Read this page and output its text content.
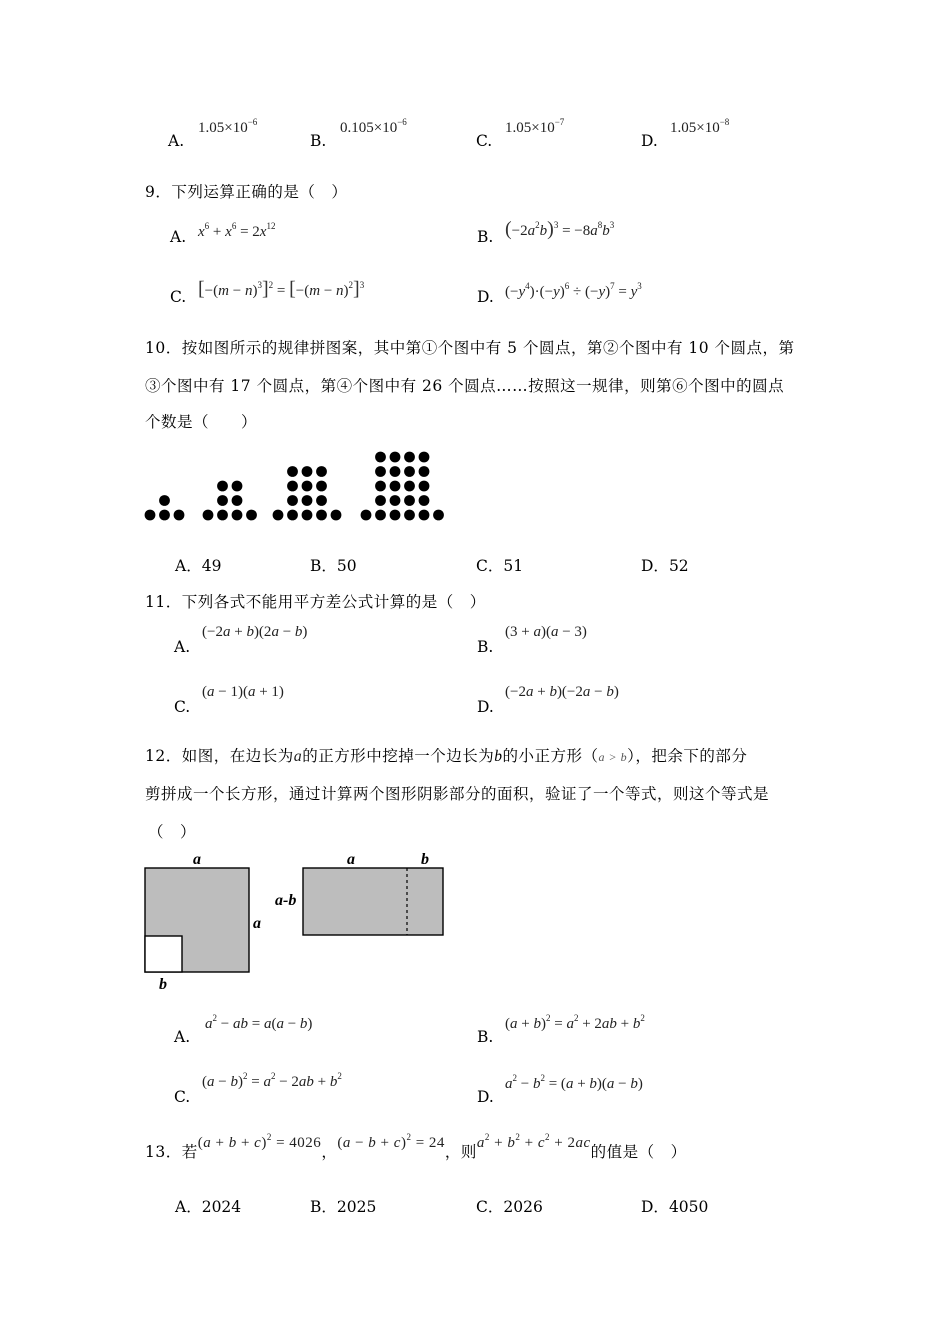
A.
$1.05\times 10^{-6}$
B.
$0.105\times 10^{-6}$
C.
$1.05\times 10^{-7}$
D.
$1.05\times 10^{-8}$
9．下列运算正确的是（　）
A. $x^6 + x^6 = 2x^{12}$
B. $(-2a^2b)^3 = -8a^8b^3$
C. $[-(m - n)^3]^2 = [-(m - n)^2]^3$
D. $(-y^4)\cdot(-y)^6 \div (-y)^7 = y^3$
10．按如图所示的规律拼图案，其中第①个图中有 5 个圆点，第②个图中有 10 个圆点，第
③个图中有 17 个圆点，第④个图中有 26 个圆点……按照这一规律，则第⑥个图中的圆点
个数是（　　）
A．49	B．50	C．51	D．52
11．下列各式不能用平方差公式计算的是（　）
A.
(−2a + b)(2a − b)
B.
(3 + a)(a − 3)
C.
(a − 1)(a + 1)
D.
(−2a + b)(−2a − b)
12．如图，在边长为a的正方形中挖掉一个边长为b的小正方形（a > b），把余下的部分
剪拼成一个长方形，通过计算两个图形阴影部分的面积，验证了一个等式，则这个等式是
（　）
a
a
b
a-b
a	b
A.
$a^2$ − ab = a(a − b)
B.
$(a + b)^2 = a^2 + 2ab + b^2$
C.
$(a - b)^2 = a^2 - 2ab + b^2$
D.
$a^2 - b^2 = (a + b)(a - b)$
13．若$(a + b + c)^2 = 4026$，$(a - b + c)^2 = 24$，则$a^2 + b^2 + c^2 + 2ac$的值是（　）
A．2024	B．2025	C．2026	D．4050
